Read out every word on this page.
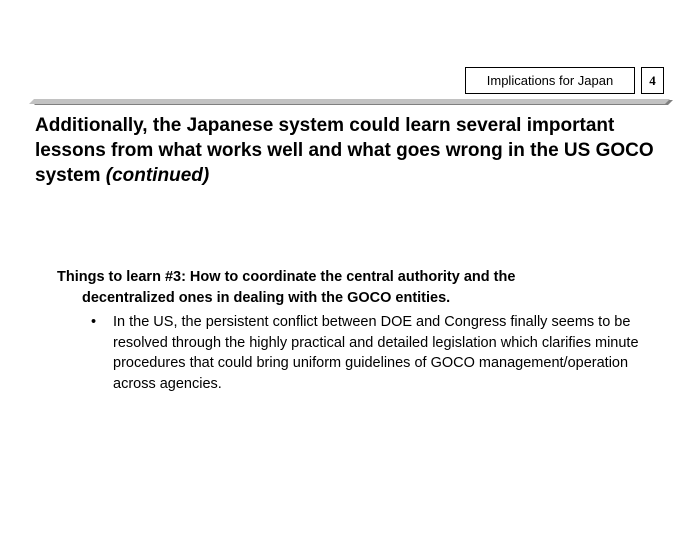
Implications for Japan	4
Additionally, the Japanese system could learn several important lessons from what works well and what goes wrong in the US GOCO system (continued)

Things to learn #3: How to coordinate the central authority and the decentralized ones in dealing with the GOCO entities.

• In the US, the persistent conflict between DOE and Congress finally seems to be resolved through the highly practical and detailed legislation which clarifies minute procedures that could bring uniform guidelines of GOCO management/operation across agencies.
